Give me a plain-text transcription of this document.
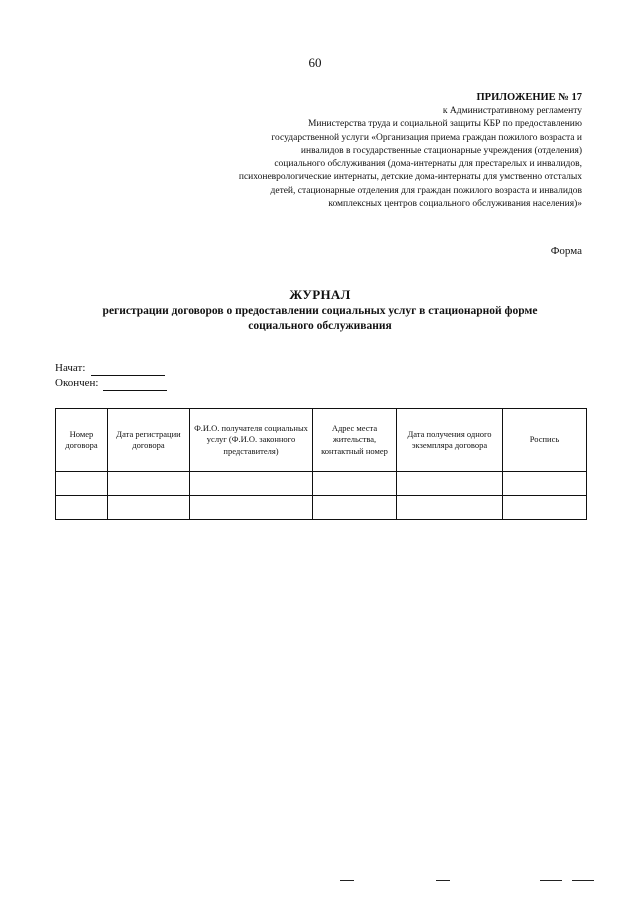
60
ПРИЛОЖЕНИЕ № 17
к Административному регламенту
Министерства труда и социальной защиты КБР по предоставлению
государственной услуги «Организация приема граждан пожилого возраста и
инвалидов в государственные стационарные учреждения (отделения)
социального обслуживания (дома-интернаты для престарелых и инвалидов,
психоневрологические интернаты, детские дома-интернаты для умственно отсталых
детей, стационарные отделения для граждан пожилого возраста и инвалидов
комплексных центров социального обслуживания населения)»
Форма
ЖУРНАЛ
регистрации договоров о предоставлении социальных услуг в стационарной форме
социального обслуживания
Начат:
Окончен:
Номер договора	Дата регистрации договора	Ф.И.О. получателя социальных услуг (Ф.И.О. законного представителя)	Адрес места жительства, контактный номер	Дата получения одного экземпляра договора	Роспись
